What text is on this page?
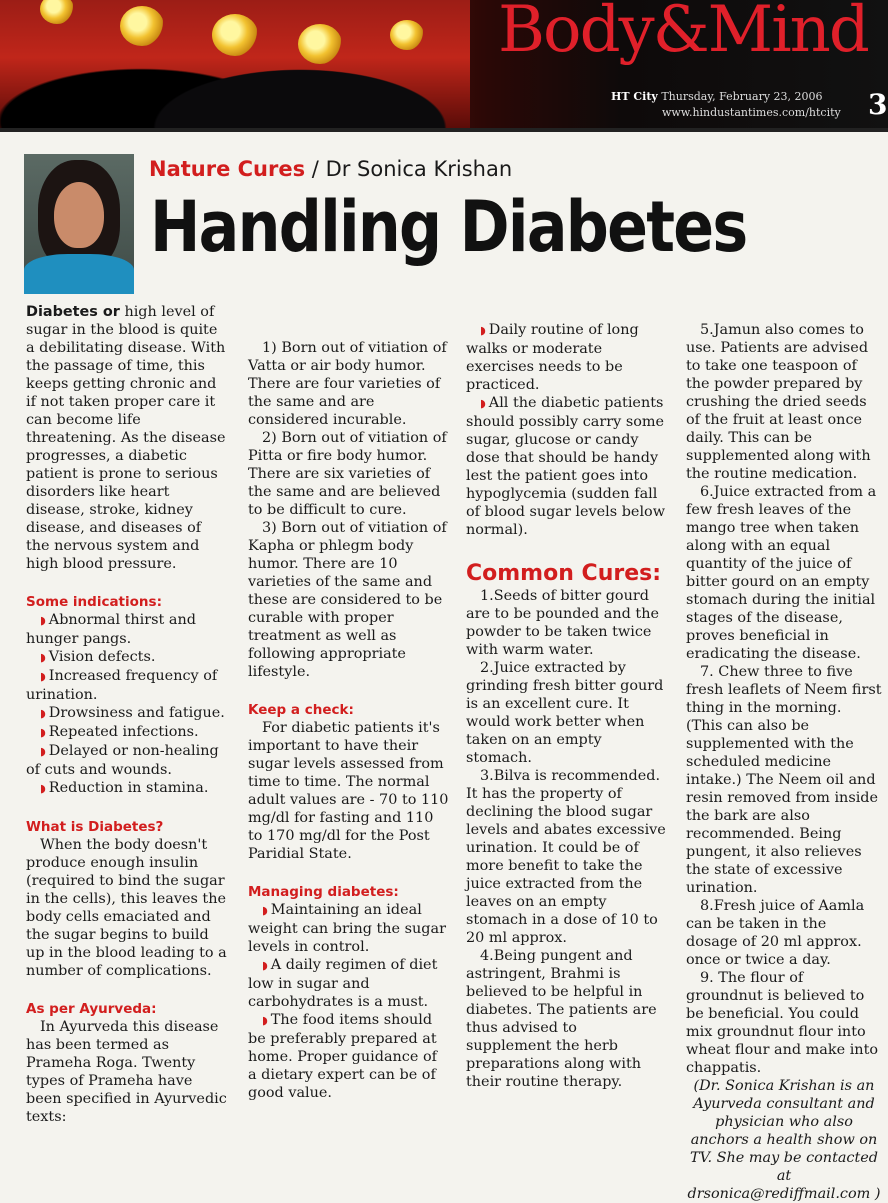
Body&Mind
HT City Thursday, February 23, 2006
www.hindustantimes.com/htcity 3
Nature Cures / Dr Sonica Krishan
Handling Diabetes

Diabetes or high level of sugar in the blood is quite a debilitating disease. With the passage of time, this keeps getting chronic and if not taken proper care it can become life threatening. As the disease progresses, a diabetic patient is prone to serious disorders like heart disease, stroke, kidney disease, and diseases of the nervous system and high blood pressure.

Some indications:

◗ Abnormal thirst and hunger pangs.

◗ Vision defects.

◗ Increased frequency of urination.

◗ Drowsiness and fatigue.

◗ Repeated infections.

◗ Delayed or non-healing of cuts and wounds.

◗ Reduction in stamina.

What is Diabetes?

When the body doesn't produce enough insulin (required to bind the sugar in the cells), this leaves the body cells emaciated and the sugar begins to build up in the blood leading to a number of complications.

As per Ayurveda:

In Ayurveda this disease has been termed as Prameha Roga. Twenty types of Prameha have been specified in Ayurvedic texts:

1) Born out of vitiation of Vatta or air body humor. There are four varieties of the same and are considered incurable.

2) Born out of vitiation of Pitta or fire body humor. There are six varieties of the same and are believed to be difficult to cure.

3) Born out of vitiation of Kapha or phlegm body humor. There are 10 varieties of the same and these are considered to be curable with proper treatment as well as following appropriate lifestyle.

Keep a check:

For diabetic patients it's important to have their sugar levels assessed from time to time. The normal adult values are - 70 to 110 mg/dl for fasting and 110 to 170 mg/dl for the Post Paridial State.

Managing diabetes:

◗ Maintaining an ideal weight can bring the sugar levels in control.

◗ A daily regimen of diet low in sugar and carbohydrates is a must.

◗ The food items should be preferably prepared at home. Proper guidance of a dietary expert can be of good value.

◗ Daily routine of long walks or moderate exercises needs to be practiced.

◗ All the diabetic patients should possibly carry some sugar, glucose or candy dose that should be handy lest the patient goes into hypoglycemia (sudden fall of blood sugar levels below normal).

Common Cures:

1.Seeds of bitter gourd are to be pounded and the powder to be taken twice with warm water.

2.Juice extracted by grinding fresh bitter gourd is an excellent cure. It would work better when taken on an empty stomach.

3.Bilva is recommended. It has the property of declining the blood sugar levels and abates excessive urination. It could be of more benefit to take the juice extracted from the leaves on an empty stomach in a dose of 10 to 20 ml approx.

4.Being pungent and astringent, Brahmi is believed to be helpful in diabetes. The patients are thus advised to supplement the herb preparations along with their routine therapy.

5.Jamun also comes to use. Patients are advised to take one teaspoon of the powder prepared by crushing the dried seeds of the fruit at least once daily. This can be supplemented along with the routine medication.

6.Juice extracted from a few fresh leaves of the mango tree when taken along with an equal quantity of the juice of bitter gourd on an empty stomach during the initial stages of the disease, proves beneficial in eradicating the disease.

7. Chew three to five fresh leaflets of Neem first thing in the morning. (This can also be supplemented with the scheduled medicine intake.) The Neem oil and resin removed from inside the bark are also recommended. Being pungent, it also relieves the state of excessive urination.

8.Fresh juice of Aamla can be taken in the dosage of 20 ml approx. once or twice a day.

9. The flour of groundnut is believed to be beneficial. You could mix groundnut flour into wheat flour and make into chappatis.

(Dr. Sonica Krishan is an Ayurveda consultant and physician who also anchors a health show on TV. She may be contacted at drsonica@rediffmail.com )
